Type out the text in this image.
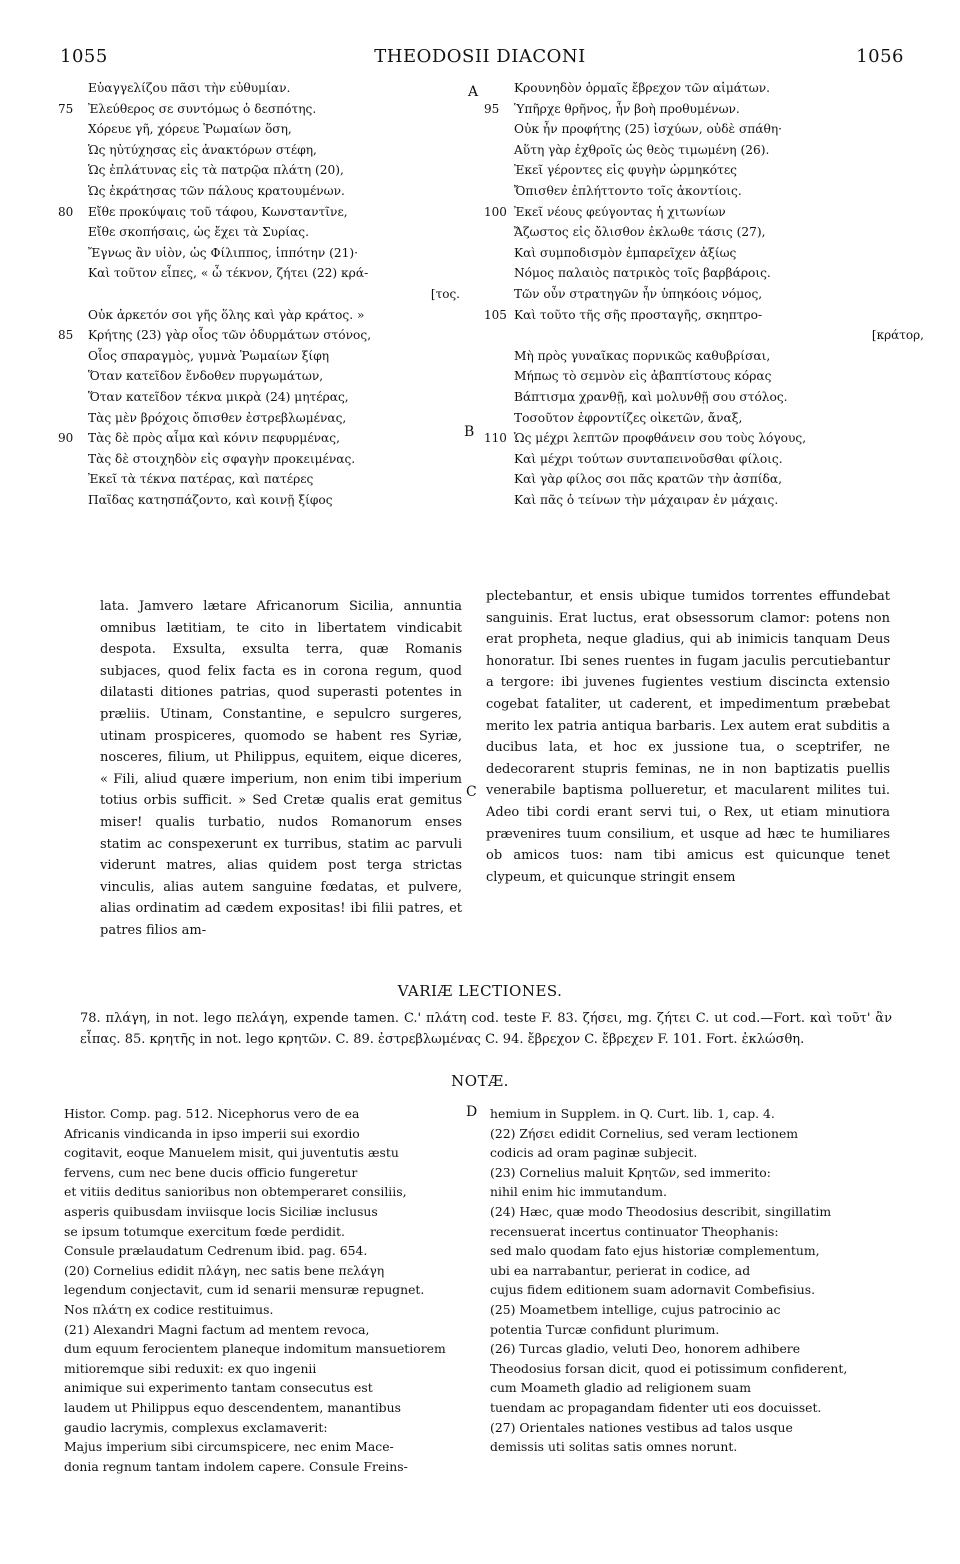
1055	THEODOSII DIACONI	1056
A
B
C
D
Εὐαγγελίζου πᾶσι τὴν εὐθυμίαν.
75	Ἐλεύθερος σε συντόμως ὁ δεσπότης.
Χόρευε γῆ, χόρευε Ῥωμαίων ὅση,
Ὡς ηὐτύχησας εἰς ἀνακτόρων στέφη,
Ὡς ἐπλάτυνας εἰς τὰ πατρῷα πλάτη (20),
Ὡς ἐκράτησας τῶν πάλους κρατουμένων.
80	Εἴθε προκύψαις τοῦ τάφου, Κωνσταντῖνε,
Εἴθε σκοπήσαις, ὡς ἔχει τὰ Συρίας.
Ἔγνως ἂν υἱὸν, ὡς Φίλιππος, ἱππότην (21)·
Καὶ τοῦτον εἶπες, « ὦ τέκνον, ζήτει (22) κρά-
[τος.
Οὐκ ἀρκετόν σοι γῆς ὅλης καὶ γὰρ κράτος. »
85	Κρήτης (23) γὰρ οἷος τῶν ὀδυρμάτων στόνος,
Οἷος σπαραγμὸς, γυμνὰ Ῥωμαίων ξίφη
Ὅταν κατεῖδον ἔνδοθεν πυργωμάτων,
Ὅταν κατεῖδον τέκνα μικρὰ (24) μητέρας,
Τὰς μὲν βρόχοις ὄπισθεν ἐστρεβλωμένας,
90	Τὰς δὲ πρὸς αἷμα καὶ κόνιν πεφυρμένας,
Τὰς δὲ στοιχηδὸν εἰς σφαγὴν προκειμένας.
Ἐκεῖ τὰ τέκνα πατέρας, καὶ πατέρες
Παῖδας κατησπάζοντο, καὶ κοινῇ ξίφος
Κρουνηδὸν ὁρμαῖς ἔβρεχον τῶν αἱμάτων.
95	Ὑπῆρχε θρῆνος, ἦν βοὴ προθυμένων.
Οὐκ ἦν προφήτης (25) ἰσχύων, οὐδὲ σπάθη·
Αὕτη γὰρ ἐχθροῖς ὡς θεὸς τιμωμένη (26).
Ἐκεῖ γέροντες εἰς φυγὴν ὡρμηκότες
Ὄπισθεν ἐπλήττοντο τοῖς ἀκοντίοις.
100 Ἐκεῖ νέους φεύγοντας ἡ χιτωνίων
Ἄζωστος εἰς ὄλισθον ἐκλωθε τάσις (27),
Καὶ συμποδισμὸν ἐμπαρεῖχεν ἀξίως
Νόμος παλαιὸς πατρικὸς τοῖς βαρβάροις.
Τῶν οὖν στρατηγῶν ἦν ὑπηκόοις νόμος,
105 Καὶ τοῦτο τῆς σῆς προσταγῆς, σκηπτρο-
[κράτορ,
Μὴ πρὸς γυναῖκας πορνικῶς καθυβρίσαι,
Μήπως τὸ σεμνὸν εἰς ἀβαπτίστους κόρας
Βάπτισμα χρανθῇ, καὶ μολυνθῇ σου στόλος.
Τοσοῦτον ἐφροντίζες οἰκετῶν, ἄναξ,
110 Ὡς μέχρι λεπτῶν προφθάνειν σου τοὺς λόγους,
Καὶ μέχρι τούτων συνταπεινοῦσθαι φίλοις.
Καὶ γὰρ φίλος σοι πᾶς κρατῶν τὴν ἀσπίδα,
Καὶ πᾶς ὁ τείνων τὴν μάχαιραν ἐν μάχαις.
lata. Jamvero lætare Africanorum Sicilia, annuntia omnibus lætitiam, te cito in libertatem vindicabit despota. Exsulta, exsulta terra, quæ Romanis subjaces, quod felix facta es in corona regum, quod dilatasti ditiones patrias, quod superasti potentes in præliis. Utinam, Constantine, e sepulcro surgeres, utinam prospiceres, quomodo se habent res Syriæ, nosceres, filium, ut Philippus, equitem, eique diceres, « Fili, aliud quære imperium, non enim tibi imperium totius orbis sufficit. » Sed Cretæ qualis erat gemitus miser! qualis turbatio, nudos Romanorum enses statim ac conspexerunt ex turribus, statim ac parvuli viderunt matres, alias quidem post terga strictas vinculis, alias autem sanguine fœdatas, et pulvere, alias ordinatim ad cædem expositas! ibi filii patres, et patres filios am-
plectebantur, et ensis ubique tumidos torrentes effundebat sanguinis. Erat luctus, erat obsessorum clamor: potens non erat propheta, neque gladius, qui ab inimicis tanquam Deus honoratur. Ibi senes ruentes in fugam jaculis percutiebantur a tergore: ibi juvenes fugientes vestium discincta extensio cogebat fataliter, ut caderent, et impedimentum præbebat merito lex patria antiqua barbaris. Lex autem erat subditis a ducibus lata, et hoc ex jussione tua, o sceptrifer, ne dedecorarent stupris feminas, ne in non baptizatis puellis venerabile baptisma pollueretur, et macularent milites tui. Adeo tibi cordi erant servi tui, o Rex, ut etiam minutiora prævenires tuum consilium, et usque ad hæc te humiliares ob amicos tuos: nam tibi amicus est quicunque tenet clypeum, et quicunque stringit ensem
VARIÆ LECTIONES.
78. πλάγη, in not. lego πελάγη, expende tamen. C.' πλάτη cod. teste F. 83. ζήσει, mg. ζήτει C. ut cod.—Fort. καὶ τοῦτ' ἂν εἶπας. 85. κρητῆς in not. lego κρητῶν. C. 89. ἐστρεβλωμένας C. 94. ἔβρεχον C. ἔβρεχεν F. 101. Fort. ἐκλώσθη.
NOTÆ.
Histor. Comp. pag. 512. Nicephorus vero de ea
Africanis vindicanda in ipso imperii sui exordio
cogitavit, eoque Manuelem misit, qui juventutis æstu
fervens, cum nec bene ducis officio fungeretur
et vitiis deditus sanioribus non obtemperaret consiliis,
asperis quibusdam inviisque locis Siciliæ inclusus
se ipsum totumque exercitum fœde perdidit.
Consule prælaudatum Cedrenum ibid. pag. 654.
(20) Cornelius edidit πλάγη, nec satis bene πελάγη
legendum conjectavit, cum id senarii mensuræ repugnet.
Nos πλάτη ex codice restituimus.
(21) Alexandri Magni factum ad mentem revoca,
dum equum ferocientem planeque indomitum mansuetiorem
mitioremque sibi reduxit: ex quo ingenii
animique sui experimento tantam consecutus est
laudem ut Philippus equo descendentem, manantibus
gaudio lacrymis, complexus exclamaverit:
Majus imperium sibi circumspicere, nec enim Mace-
donia regnum tantam indolem capere. Consule Freins-
hemium in Supplem. in Q. Curt. lib. 1, cap. 4.
(22) Ζήσει edidit Cornelius, sed veram lectionem
codicis ad oram paginæ subjecit.
(23) Cornelius maluit Κρητῶν, sed immerito:
nihil enim hic immutandum.
(24) Hæc, quæ modo Theodosius describit, singillatim
recensuerat incertus continuator Theophanis:
sed malo quodam fato ejus historiæ complementum,
ubi ea narrabantur, perierat in codice, ad
cujus fidem editionem suam adornavit Combefisius.
(25) Moametbem intellige, cujus patrocinio ac
potentia Turcæ confidunt plurimum.
(26) Turcas gladio, veluti Deo, honorem adhibere
Theodosius forsan dicit, quod ei potissimum confiderent,
cum Moameth gladio ad religionem suam
tuendam ac propagandam fidenter uti eos docuisset.
(27) Orientales nationes vestibus ad talos usque
demissis uti solitas satis omnes norunt.
